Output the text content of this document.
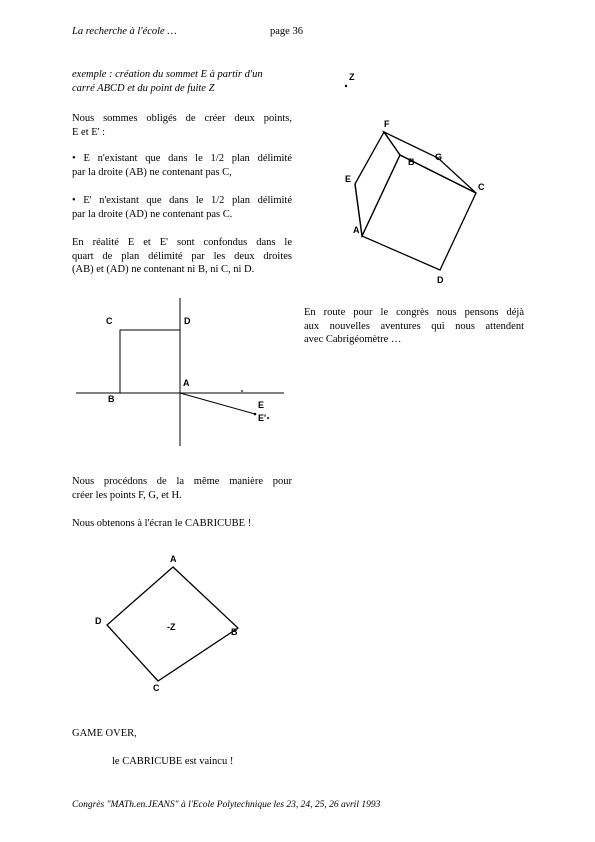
La recherche à l'école …	page 36

exemple : création du sommet E à partir d'un

carré ABCD et du point de fuite Z

Nous sommes obligés de créer deux points,

E et E' :

• E n'existant que dans le 1/2 plan délimité

par la droite (AB) ne contenant pas C,

• E' n'existant que dans le 1/2 plan délimité

par la droite (AD) ne contenant pas C.

En réalité E et E' sont confondus dans le

quart de plan délimité par les deux droites

(AB) et (AD) ne contenant ni B, ni C, ni D.

En route pour le congrès nous pensons déjà

aux nouvelles aventures qui nous attendent

avec Cabrigéomètre …

Z
F
B G
E
C
A
D
C	D
A
B
E
E'

Nous procédons de la même manière pour

créer les points F, G, et H.

Nous obtenons à l'écran le CABRICUBE !
A
D
-Z	B
C
GAME OVER,
le CABRICUBE est vaincu !
Congrès "MATh.en.JEANS" à l'Ecole Polytechnique les 23, 24, 25, 26 avril 1993
